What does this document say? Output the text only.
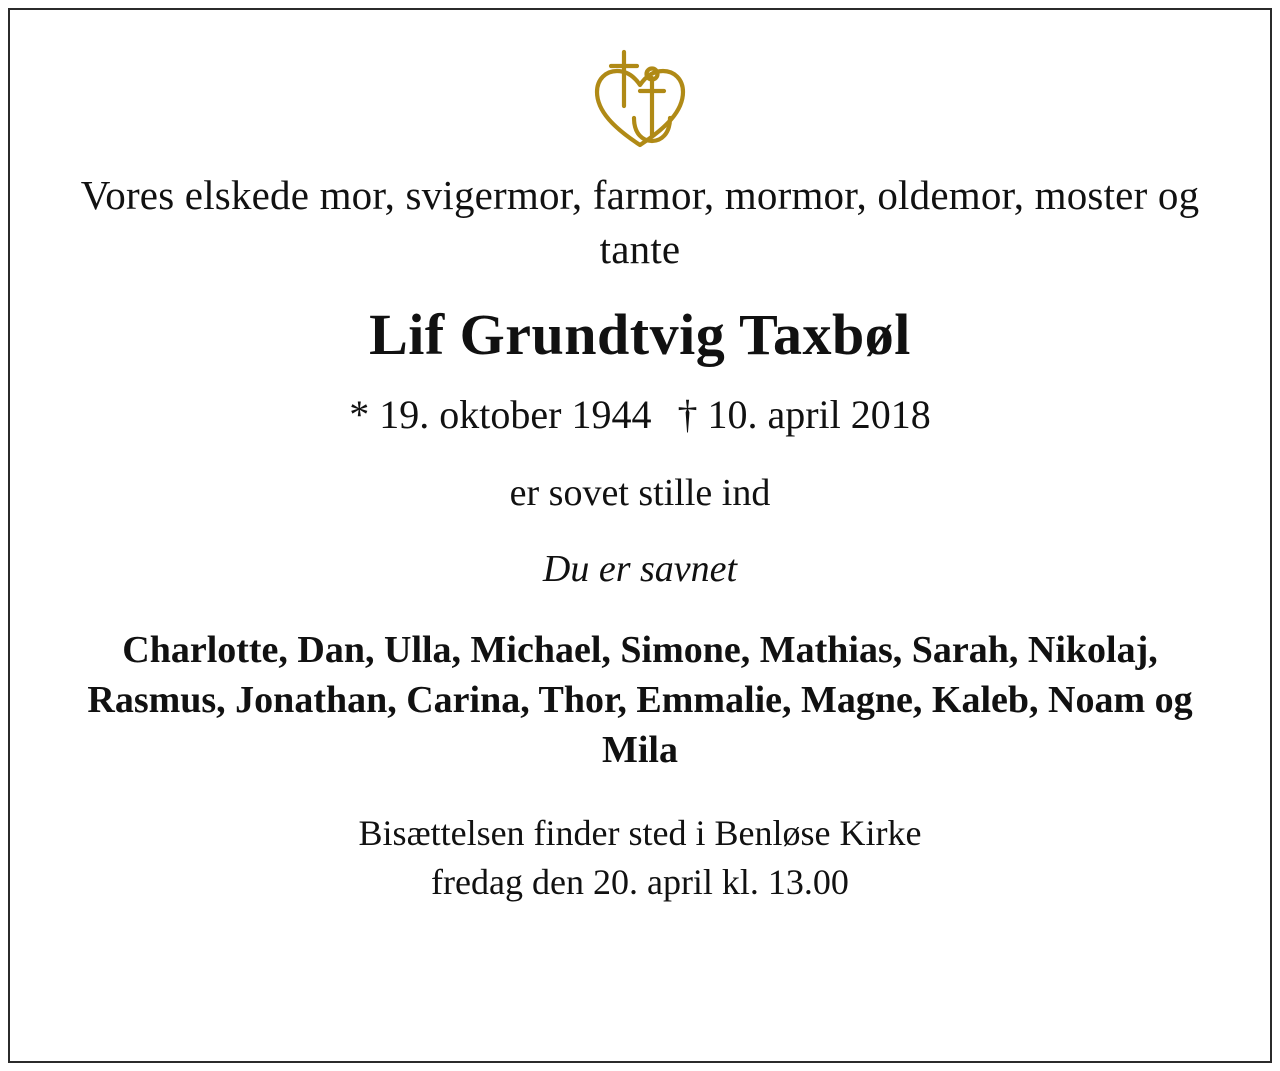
Vores elskede mor, svigermor, farmor, mormor, oldemor, moster og tante

Lif Grundtvig Taxbøl
* 19. oktober 1944 † 10. april 2018

er sovet stille ind

Du er savnet

Charlotte, Dan, Ulla, Michael, Simone, Mathias, Sarah, Nikolaj, Rasmus, Jonathan, Carina, Thor, Emmalie, Magne, Kaleb, Noam og Mila

Bisættelsen finder sted i Benløse Kirke
fredag den 20. april kl. 13.00
